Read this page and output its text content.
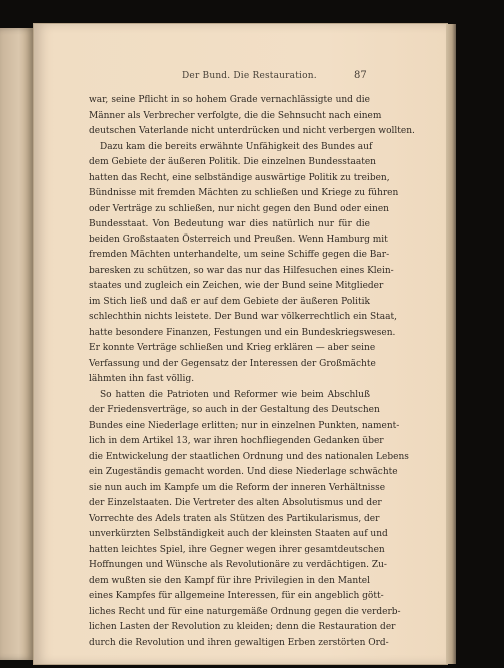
Der Bund. Die Restauration.	87
war, seine Pflicht in so hohem Grade vernachlässigte und die
Männer als Verbrecher verfolgte, die die Sehnsucht nach einem
deutschen Vaterlande nicht unterdrücken und nicht verbergen wollten.
Dazu kam die bereits erwähnte Unfähigkeit des Bundes auf
dem Gebiete der äußeren Politik. Die einzelnen Bundesstaaten
hatten das Recht, eine selbständige auswärtige Politik zu treiben,
Bündnisse mit fremden Mächten zu schließen und Kriege zu führen
oder Verträge zu schließen, nur nicht gegen den Bund oder einen
Bundesstaat. Von Bedeutung war dies natürlich nur für die
beiden Großstaaten Österreich und Preußen. Wenn Hamburg mit
fremden Mächten unterhandelte, um seine Schiffe gegen die Bar-
baresken zu schützen, so war das nur das Hilfesuchen eines Klein-
staates und zugleich ein Zeichen, wie der Bund seine Mitglieder
im Stich ließ und daß er auf dem Gebiete der äußeren Politik
schlechthin nichts leistete. Der Bund war völkerrechtlich ein Staat,
hatte besondere Finanzen, Festungen und ein Bundeskriegswesen.
Er konnte Verträge schließen und Krieg erklären — aber seine
Verfassung und der Gegensatz der Interessen der Großmächte
lähmten ihn fast völlig.
So hatten die Patrioten und Reformer wie beim Abschluß
der Friedensverträge, so auch in der Gestaltung des Deutschen
Bundes eine Niederlage erlitten; nur in einzelnen Punkten, nament-
lich in dem Artikel 13, war ihren hochfliegenden Gedanken über
die Entwickelung der staatlichen Ordnung und des nationalen Lebens
ein Zugeständis gemacht worden. Und diese Niederlage schwächte
sie nun auch im Kampfe um die Reform der inneren Verhältnisse
der Einzelstaaten. Die Vertreter des alten Absolutismus und der
Vorrechte des Adels traten als Stützen des Partikularismus, der
unverkürzten Selbständigkeit auch der kleinsten Staaten auf und
hatten leichtes Spiel, ihre Gegner wegen ihrer gesamtdeutschen
Hoffnungen und Wünsche als Revolutionäre zu verdächtigen. Zu-
dem wußten sie den Kampf für ihre Privilegien in den Mantel
eines Kampfes für allgemeine Interessen, für ein angeblich gött-
liches Recht und für eine naturgemäße Ordnung gegen die verderb-
lichen Lasten der Revolution zu kleiden; denn die Restauration der
durch die Revolution und ihren gewaltigen Erben zerstörten Ord-
